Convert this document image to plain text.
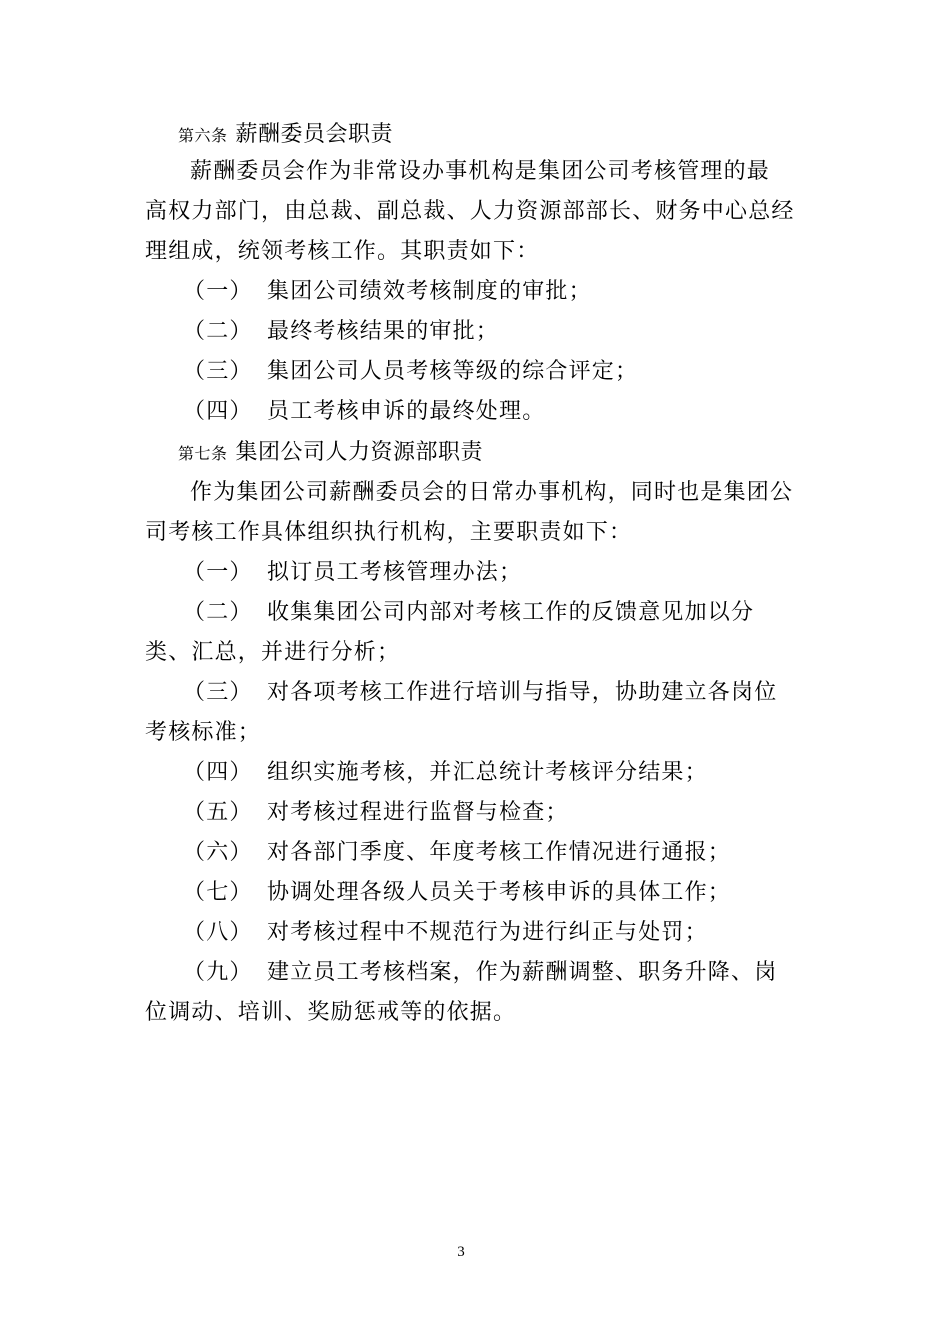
第六条 薪酬委员会职责
薪酬委员会作为非常设办事机构是集团公司考核管理的最
高权力部门，由总裁、副总裁、人力资源部部长、财务中心总经
理组成，统领考核工作。其职责如下：
（一） 集团公司绩效考核制度的审批；
（二） 最终考核结果的审批；
（三） 集团公司人员考核等级的综合评定；
（四） 员工考核申诉的最终处理。
第七条 集团公司人力资源部职责
作为集团公司薪酬委员会的日常办事机构，同时也是集团公
司考核工作具体组织执行机构，主要职责如下：
（一） 拟订员工考核管理办法；
（二） 收集集团公司内部对考核工作的反馈意见加以分
类、汇总，并进行分析；
（三） 对各项考核工作进行培训与指导，协助建立各岗位
考核标准；
（四） 组织实施考核，并汇总统计考核评分结果；
（五） 对考核过程进行监督与检查；
（六） 对各部门季度、年度考核工作情况进行通报；
（七） 协调处理各级人员关于考核申诉的具体工作；
（八） 对考核过程中不规范行为进行纠正与处罚；
（九） 建立员工考核档案，作为薪酬调整、职务升降、岗
位调动、培训、奖励惩戒等的依据。
3
